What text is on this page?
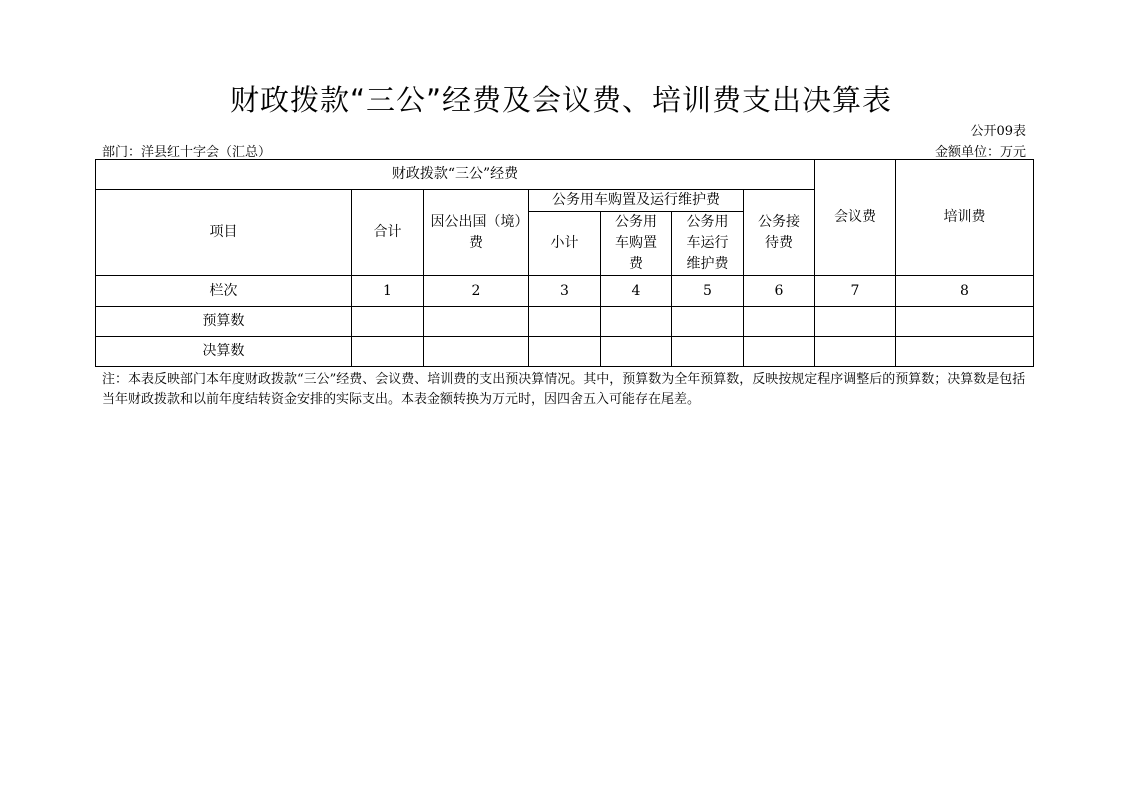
财政拨款“三公”经费及会议费、培训费支出决算表
公开09表
部门：洋县红十字会（汇总）	金额单位：万元
财政拨款“三公”经费							会议费	培训费
项目	合计	因公出国（境）费	公务用车购置及运行维护费			公务接待费		

			小计	公务用车购置费	公务用车运行维护费			

栏次	1	2	3	4	5	6	7	8
预算数								
决算数								
注：本表反映部门本年度财政拨款“三公”经费、会议费、培训费的支出预决算情况。其中，预算数为全年预算数，反映按规定程序调整后的预算数；决算数是包括当年财政拨款和以前年度结转资金安排的实际支出。本表金额转换为万元时，因四舍五入可能存在尾差。
